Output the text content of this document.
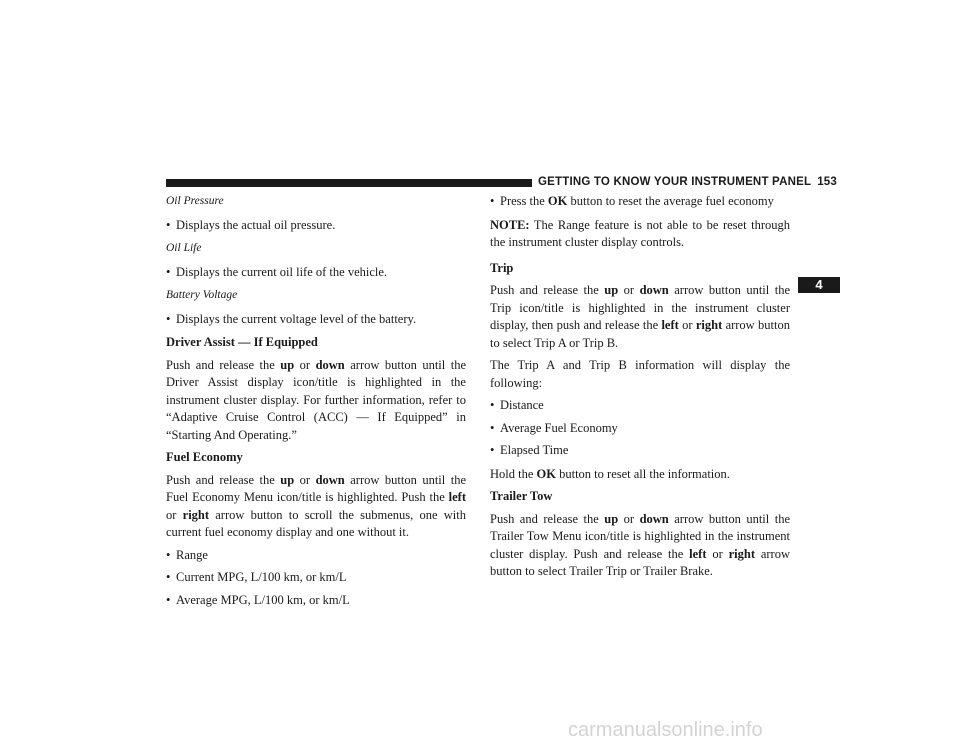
GETTING TO KNOW YOUR INSTRUMENT PANEL 153
4

Oil Pressure

• Displays the actual oil pressure.

Oil Life

• Displays the current oil life of the vehicle.

Battery Voltage

• Displays the current voltage level of the battery.

Driver Assist — If Equipped

Push and release the up or down arrow button until the Driver Assist display icon/title is highlighted in the instrument cluster display. For further information, refer to “Adaptive Cruise Control (ACC) — If Equipped” in “Starting And Operating.”

Fuel Economy

Push and release the up or down arrow button until the Fuel Economy Menu icon/title is highlighted. Push the left or right arrow button to scroll the submenus, one with current fuel economy display and one without it.

• Range
• Current MPG, L/100 km, or km/L
• Average MPG, L/100 km, or km/L
• Press the OK button to reset the average fuel economy

NOTE: The Range feature is not able to be reset through the instrument cluster display controls.

Trip

Push and release the up or down arrow button until the Trip icon/title is highlighted in the instrument cluster display, then push and release the left or right arrow button to select Trip A or Trip B.

The Trip A and Trip B information will display the following:

• Distance
• Average Fuel Economy
• Elapsed Time

Hold the OK button to reset all the information.

Trailer Tow

Push and release the up or down arrow button until the Trailer Tow Menu icon/title is highlighted in the instrument cluster display. Push and release the left or right arrow button to select Trailer Trip or Trailer Brake.

carmanualsonline.info
